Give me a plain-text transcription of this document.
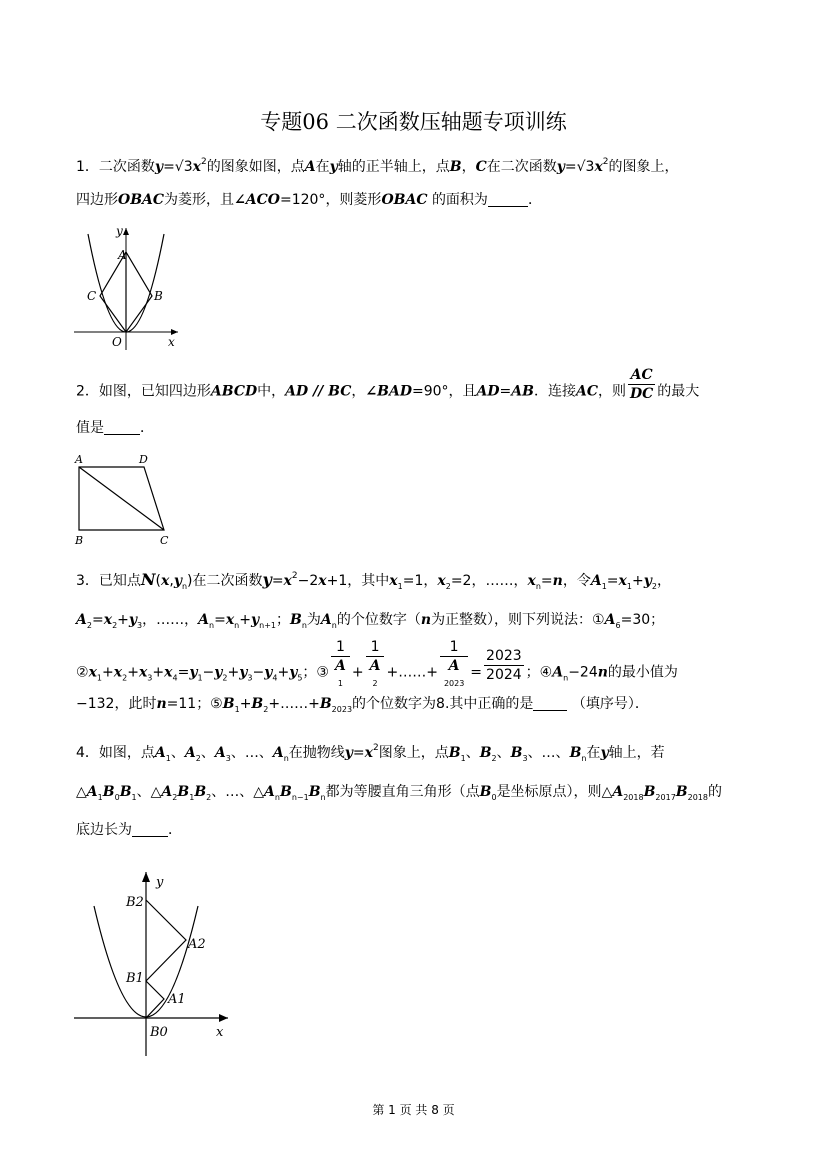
专题06 二次函数压轴题专项训练
1．二次函数$y=√3x^2$的图象如图，点A在y轴的正半轴上，点B，C在二次函数$y=√3x^2$的图象上，
四边形OBAC为菱形，且∠ACO=120°，则菱形OBAC 的面积为	．
y
A
C	B
O	x
2．如图，已知四边形ABCD中，AD // BC，∠BAD=90°，且AD=AB．连接AC，则 $\frac{AC}{DC}$ 的最大
值是	．
A	D
B	C
3．已知点$N(x,y_n)$在二次函数$y=x^2-2x+1$，其中$x_1=1$，$x_2=2$，……，$x_n=n$，令$A_1=x_1+y_2$，
$A_2=x_2+y_3$，……，$A_n=x_n+y_{n+1}$；$B_n$为$A_n$的个位数字（n为正整数），则下列说法：$①A_6=30$；
$②x_1+x_2+x_3+x_4=y_1-y_2+y_3-y_4+y_5$；③ 1
A
1 + 1
A
2 +……+ 1
A
$2023 = \frac{2023}{2024}$ ；$④A_n-24n$的最小值为
−132，此时n=11；$⑤B_1+B_2+\dots\dots+B_{2023}$的个位数字为8.其中正确的是	（填序号）．
4．如图，点$A_1$、$A_2$、$A_3$、…、$A_n$在抛物线$y=x^2$图象上，点$B_1$、$B_2$、$B_3$、…、$B_n$在y轴上，若
$\triangle A_1B_0B_1$、$\triangle A_2B_1B_2$、…、$\triangle A_nB_{n-1}B_n$都为等腰直角三角形（点$B_0$是坐标原点），则$\triangle A_{2018}B_{2017}B_{2018}$的
底边长为	．
y
B2
A2
B1
A1
B0	x
第 1 页 共 8 页
